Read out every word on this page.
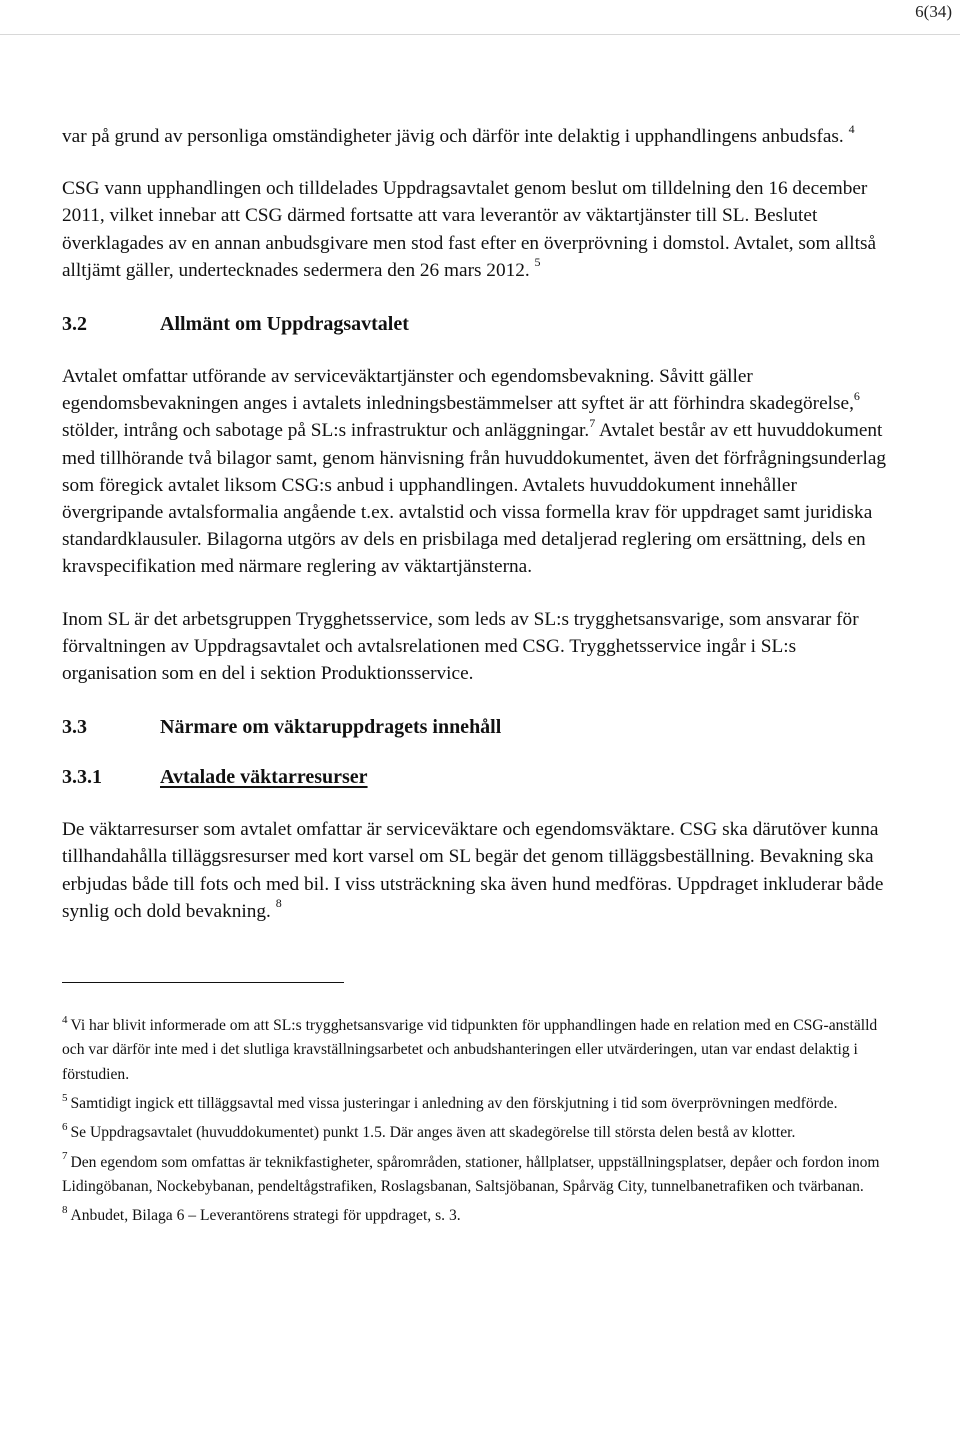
6(34)

var på grund av personliga omständigheter jävig och därför inte delaktig i upphandlingens anbudsfas. $^4$

CSG vann upphandlingen och tilldelades Uppdragsavtalet genom beslut om tilldelning den 16 december 2011, vilket innebar att CSG därmed fortsatte att vara leverantör av väktartjänster till SL. Beslutet överklagades av en annan anbudsgivare men stod fast efter en överprövning i domstol. Avtalet, som alltså alltjämt gäller, undertecknades sedermera den 26 mars 2012. $^5$

3.2	Allmänt om Uppdragsavtalet

Avtalet omfattar utförande av serviceväktartjänster och egendomsbevakning. Såvitt gäller egendomsbevakningen anges i avtalets inledningsbestämmelser att syftet är att förhindra skadegörelse,$^6$ stölder, intrång och sabotage på SL:s infrastruktur och anläggningar.$^7$ Avtalet består av ett huvuddokument med tillhörande två bilagor samt, genom hänvisning från huvuddokumentet, även det förfrågningsunderlag som föregick avtalet liksom CSG:s anbud i upphandlingen. Avtalets huvuddokument innehåller övergripande avtalsformalia angående t.ex. avtalstid och vissa formella krav för uppdraget samt juridiska standardklausuler. Bilagorna utgörs av dels en prisbilaga med detaljerad reglering om ersättning, dels en kravspecifikation med närmare reglering av väktartjänsterna.

Inom SL är det arbetsgruppen Trygghetsservice, som leds av SL:s trygghetsansvarige, som ansvarar för förvaltningen av Uppdragsavtalet och avtalsrelationen med CSG. Trygghetsservice ingår i SL:s organisation som en del i sektion Produktionsservice.

3.3	Närmare om väktaruppdragets innehåll
3.3.1	Avtalade väktarresurser

De väktarresurser som avtalet omfattar är serviceväktare och egendomsväktare. CSG ska därutöver kunna tillhandahålla tilläggsresurser med kort varsel om SL begär det genom tilläggsbeställning. Bevakning ska erbjudas både till fots och med bil. I viss utsträckning ska även hund medföras. Uppdraget inkluderar både synlig och dold bevakning. $^8$

$^4$ Vi har blivit informerade om att SL:s trygghetsansvarige vid tidpunkten för upphandlingen hade en relation med en CSG-anställd och var därför inte med i det slutliga kravställningsarbetet och anbudshanteringen eller utvärderingen, utan var endast delaktig i förstudien.

$^5$ Samtidigt ingick ett tilläggsavtal med vissa justeringar i anledning av den förskjutning i tid som överprövningen medförde.

$^6$ Se Uppdragsavtalet (huvuddokumentet) punkt 1.5. Där anges även att skadegörelse till största delen bestå av klotter.

$^7$ Den egendom som omfattas är teknikfastigheter, spårområden, stationer, hållplatser, uppställningsplatser, depåer och fordon inom Lidingöbanan, Nockebybanan, pendeltågstrafiken, Roslagsbanan, Saltsjöbanan, Spårväg City, tunnelbanetrafiken och tvärbanan.

$^8$ Anbudet, Bilaga 6 – Leverantörens strategi för uppdraget, s. 3.
